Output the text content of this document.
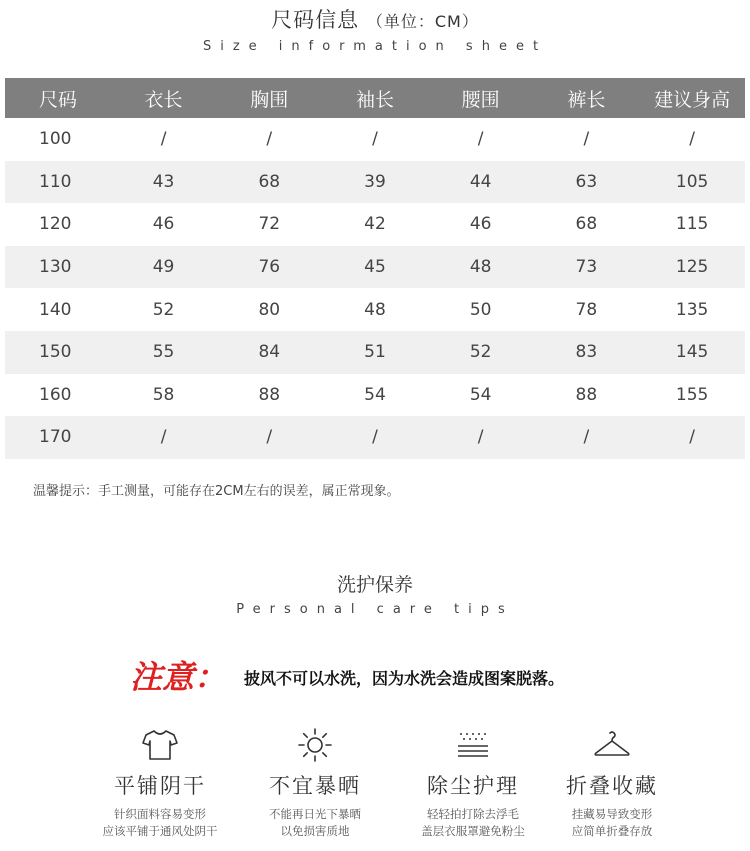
尺码信息 （单位：CM）
Size information sheet
尺码	衣长	胸围	袖长	腰围	裤长	建议身高
100	/	/	/	/	/	/
110	43	68	39	44	63	105
120	46	72	42	46	68	115
130	49	76	45	48	73	125
140	52	80	48	50	78	135
150	55	84	51	52	83	145
160	58	88	54	54	88	155
170	/	/	/	/	/	/
温馨提示：手工测量，可能存在2CM左右的误差，属正常现象。
洗护保养
Personal care tips
注意： 披风不可以水洗，因为水洗会造成图案脱落。
平铺阴干
针织面料容易变形
应该平铺于通风处阴干
不宜暴晒
不能再日光下暴晒
以免损害质地
除尘护理
轻轻拍打除去浮毛
盖层衣服罩避免粉尘
折叠收藏
挂藏易导致变形
应简单折叠存放
